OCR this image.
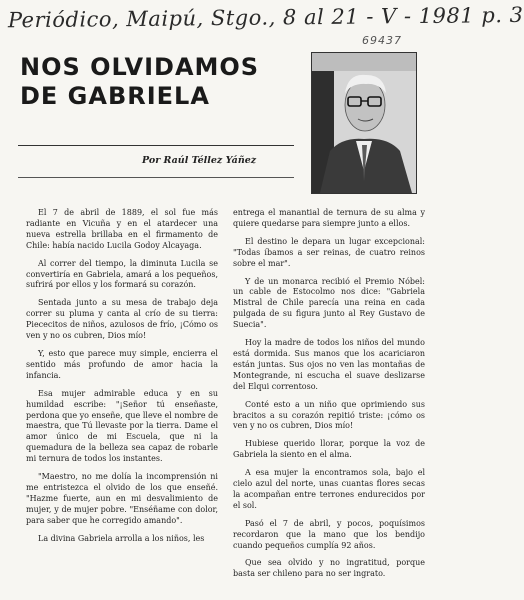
Periódico, Maipú, Stgo., 8 al 21 - V - 1981 p. 3
69437
NOS OLVIDAMOS
DE GABRIELA
Por Raúl Téllez Yáñez

El 7 de abril de 1889, el sol fue más radiante en Vicuña y en el atardecer una nueva estrella brillaba en el firmamento de Chile: había nacido Lucila Godoy Alcayaga.

Al correr del tiempo, la diminuta Lucila se convertiría en Gabriela, amará a los pequeños, sufrirá por ellos y los formará su corazón.

Sentada junto a su mesa de trabajo deja correr su pluma y canta al crío de su tierra: Piececitos de niños, azulosos de frío, ¡Cómo os ven y no os cubren, Dios mío!

Y, esto que parece muy simple, encierra el sentido más profundo de amor hacia la infancia.

Esa mujer admirable educa y en su humildad escribe: "¡Señor tú enseñaste, perdona que yo enseñe, que lleve el nombre de maestra, que Tú llevaste por la tierra. Dame el amor único de mi Escuela, que ni la quemadura de la belleza sea capaz de robarle mi ternura de todos los instantes.

"Maestro, no me dolía la incomprensión ni me entristezca el olvido de los que enseñé. "Hazme fuerte, aun en mi desvalimiento de mujer, y de mujer pobre. "Enséñame con dolor, para saber que he corregido amando".

La divina Gabriela arrolla a los niños, les

entrega el manantial de ternura de su alma y quiere quedarse para siempre junto a ellos.

El destino le depara un lugar excepcional: "Todas íbamos a ser reinas, de cuatro reinos sobre el mar".

Y de un monarca recibió el Premio Nóbel: un cable de Estocolmo nos dice: "Gabriela Mistral de Chile parecía una reina en cada pulgada de su figura junto al Rey Gustavo de Suecia".

Hoy la madre de todos los niños del mundo está dormida. Sus manos que los acariciaron están juntas. Sus ojos no ven las montañas de Montegrande, ni escucha el suave deslizarse del Elqui correntoso.

Conté esto a un niño que oprimiendo sus bracitos a su corazón repitió triste: ¡cómo os ven y no os cubren, Dios mío!

Hubiese querido llorar, porque la voz de Gabriela la siento en el alma.

A esa mujer la encontramos sola, bajo el cielo azul del norte, unas cuantas flores secas la acompañan entre terrones endurecidos por el sol.

Pasó el 7 de abril, y pocos, poquísimos recordaron que la mano que los bendijo cuando pequeños cumplía 92 años.

Que sea olvido y no ingratitud, porque basta ser chileno para no ser ingrato.
